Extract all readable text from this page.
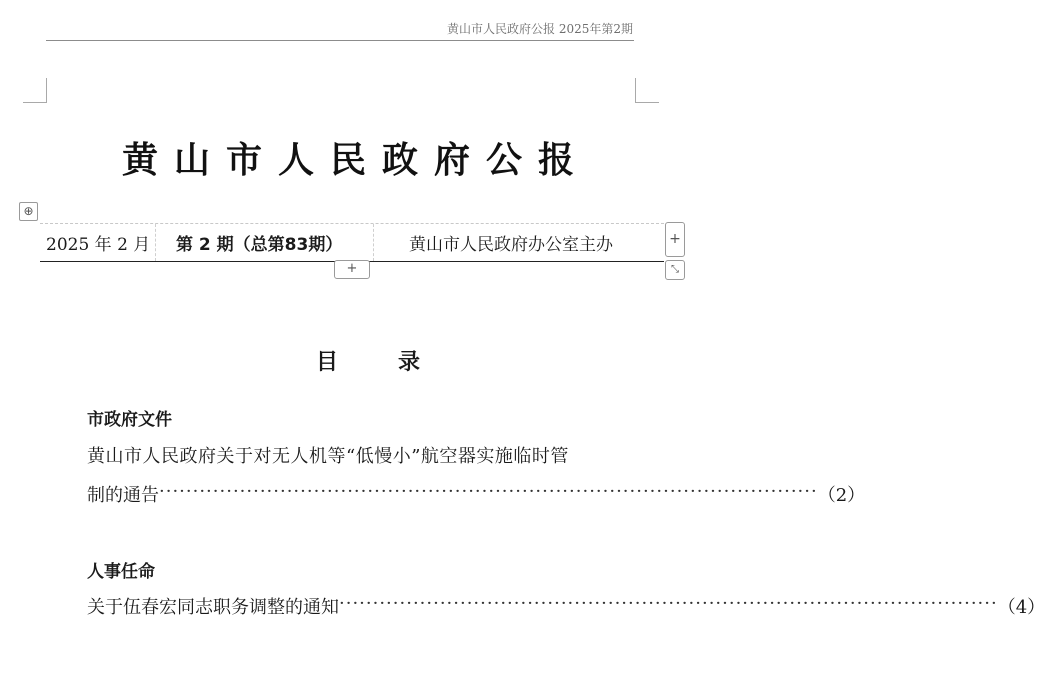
黄山市人民政府公报 2025年第2期
黄山市人民政府公报
⊕
2025 年 2 月 第 2 期（总第83期）	黄山市人民政府办公室主办	+
+	⤡
目录
市政府文件
黄山市人民政府关于对无人机等“低慢小”航空器实施临时管
制的通告 ·································································································· （2）
人事任命
关于伍春宏同志职务调整的通知 ·································································································· （4）
